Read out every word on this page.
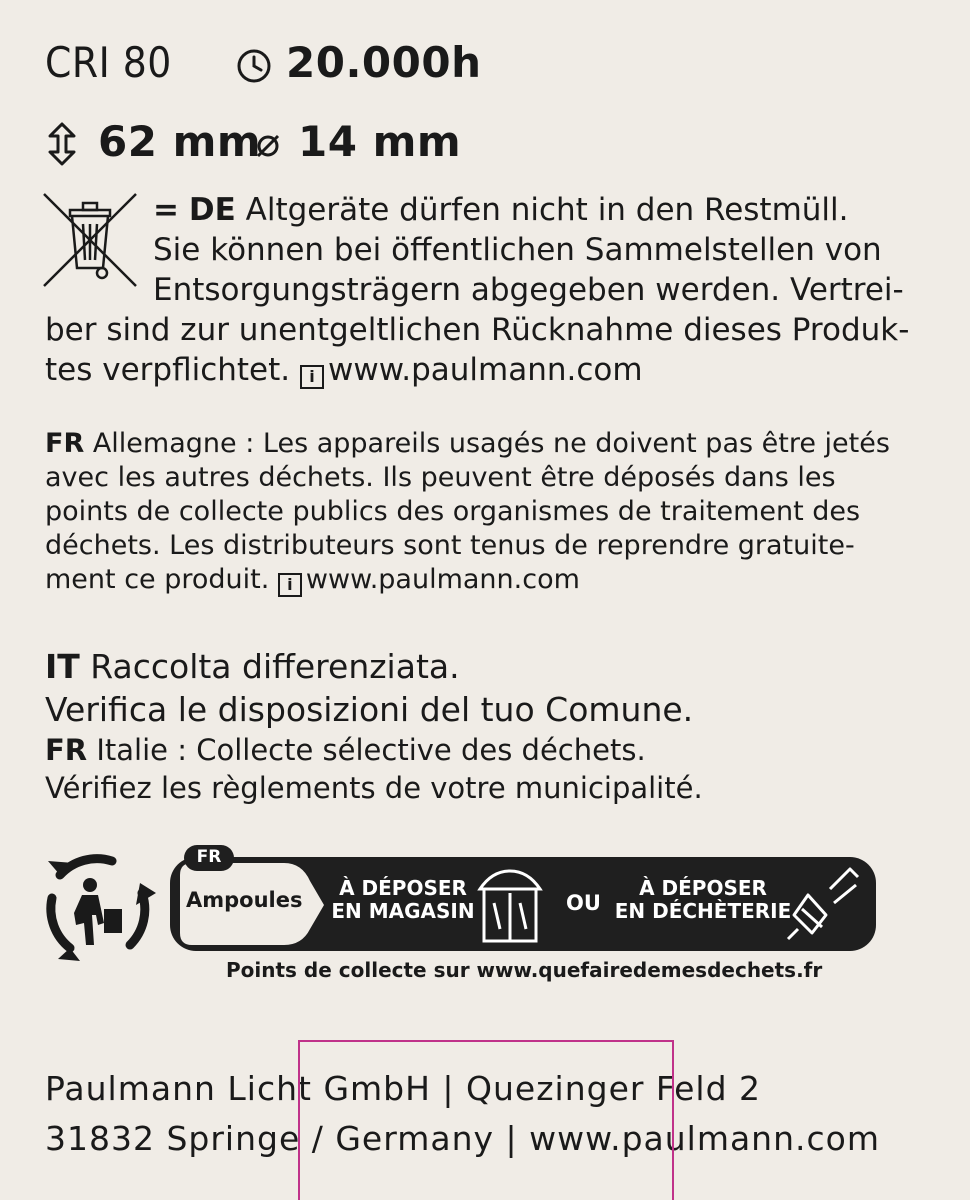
CRI 80	20.000h
62 mm 14 mm
= DE Altgeräte dürfen nicht in den Restmüll.
Sie können bei öffentlichen Sammelstellen von
Entsorgungsträgern abgegeben werden. Vertrei-
ber sind zur unentgeltlichen Rücknahme dieses Produk-
tes verpflichtet. i www.paulmann.com
FR Allemagne : Les appareils usagés ne doivent pas être jetés
avec les autres déchets. Ils peuvent être déposés dans les
points de collecte publics des organismes de traitement des
déchets. Les distributeurs sont tenus de reprendre gratuite-
ment ce produit. i www.paulmann.com
IT Raccolta differenziata.
Verifica le disposizioni del tuo Comune.
FR Italie : Collecte sélective des déchets.
Vérifiez les règlements de votre municipalité.
FR
Ampoules	À DÉPOSER
EN MAGASIN	OU
À DÉPOSER
EN DÉCHÈTERIE
Points de collecte sur www.quefairedemesdechets.fr
Paulmann Licht GmbH | Quezinger Feld 2
31832 Springe / Germany | www.paulmann.com
